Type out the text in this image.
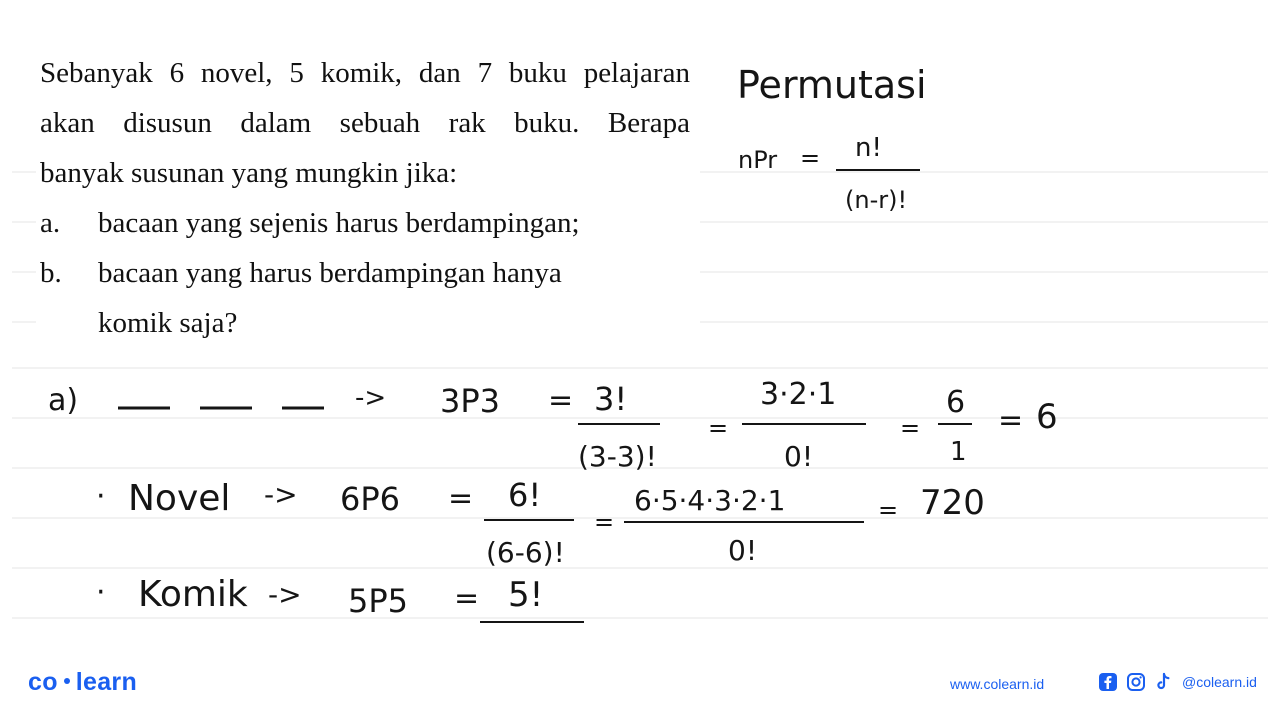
Sebanyak 6 novel, 5 komik, dan 7 buku pelajaran
akan disusun dalam sebuah rak buku. Berapa
banyak susunan yang mungkin jika:
a.	bacaan yang sejenis harus berdampingan;
b.	bacaan yang harus berdampingan hanya
komik saja?
Permutasi
nPr = n!
(n-r)!
a)	-> 3P3 = 3!
(3-3)!
=
3·2·1
0!
=
6
1
= 6
· Novel -> 6P6 = 6!
(6-6)!
=
6·5·4·3·2·1
0!
= 720
· Komik -> 5P5 = 5!
co learn	www.colearn.id	@colearn.id
